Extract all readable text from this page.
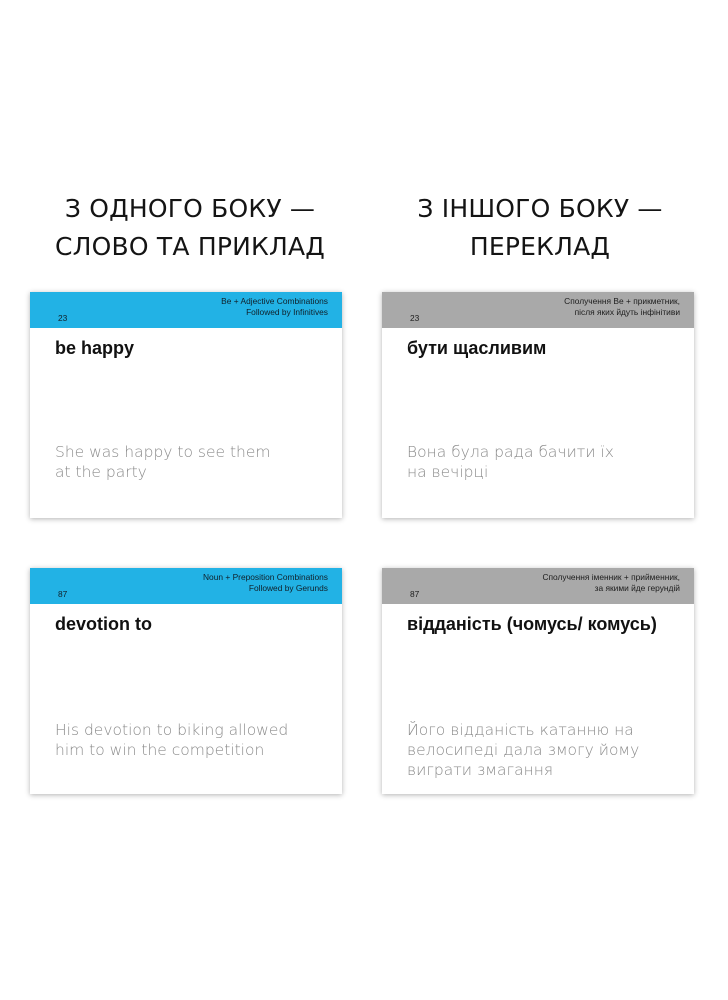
З ОДНОГО БОКУ —
СЛОВО ТА ПРИКЛАД
З ІНШОГО БОКУ —
ПЕРЕКЛАД
23
Be + Adjective Combinations
Followed by Infinitives
be happy
She was happy to see them
at the party
23
Сполучення Be + прикметник,
після яких йдуть інфінітиви
бути щасливим
Вона була рада бачити їх
на вечірці
87
Noun + Preposition Combinations
Followed by Gerunds
devotion to
His devotion to biking allowed
him to win the competition
87
Сполучення іменник + прийменник,
за якими йде герундій
відданість (чомусь/ комусь)
Його відданість катанню на
велосипеді дала змогу йому
виграти змагання
